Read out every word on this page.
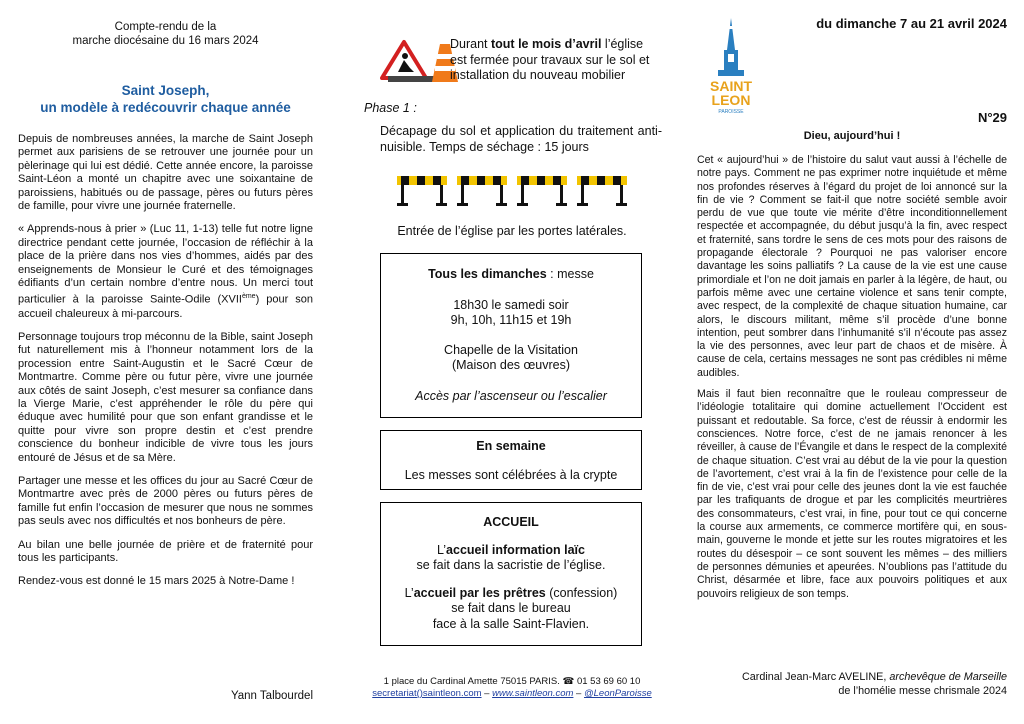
Compte-rendu de la
marche diocésaine du 16 mars 2024
Saint Joseph,
un modèle à redécouvrir chaque année

Depuis de nombreuses années, la marche de Saint Joseph permet aux parisiens de se retrouver une journée pour un pèlerinage qui lui est dédié. Cette année encore, la paroisse Saint-Léon a monté un chapitre avec une soixantaine de paroissiens, habitués ou de passage, pères ou futurs pères de famille, pour vivre une journée fraternelle.

« Apprends-nous à prier » (Luc 11, 1-13) telle fut notre ligne directrice pendant cette journée, l’occasion de réfléchir à la place de la prière dans nos vies d’hommes, aidés par des enseignements de Monsieur le Curé et des témoignages édifiants d’un certain nombre d’entre nous. Un merci tout particulier à la paroisse Sainte-Odile (XVIIème) pour son accueil chaleureux à mi-parcours.

Personnage toujours trop méconnu de la Bible, saint Joseph fut naturellement mis à l’honneur notamment lors de la procession entre Saint-Augustin et le Sacré Cœur de Montmartre. Comme père ou futur père, vivre une journée aux côtés de saint Joseph, c’est mesurer sa confiance dans la Vierge Marie, c’est appréhender le rôle du père qui éduque avec humilité pour que son enfant grandisse et le quitte pour vivre son propre destin et c’est prendre conscience du bonheur indicible de vivre tous les jours entouré de Jésus et de sa Mère.

Partager une messe et les offices du jour au Sacré Cœur de Montmartre avec près de 2000 pères ou futurs pères de famille fut enfin l’occasion de mesurer que nous ne sommes pas seuls avec nos difficultés et nos bonheurs de père.

Au bilan une belle journée de prière et de fraternité pour tous les participants.

Rendez-vous est donné le 15 mars 2025 à Notre-Dame !

Yann Talbourdel
Durant tout le mois d’avril l’église est fermée pour travaux sur le sol et installation du nouveau mobilier
Phase 1 :
Décapage du sol et application du traitement anti-nuisible. Temps de séchage : 15 jours
Entrée de l’église par les portes latérales.

Tous les dimanches : messe

18h30 le samedi soir

9h, 10h, 11h15 et 19h

Chapelle de la Visitation

(Maison des œuvres)

Accès par l’ascenseur ou l’escalier

En semaine

Les messes sont célébrées à la crypte

ACCUEIL

L’accueil information laïc

se fait dans la sacristie de l’église.

L’accueil par les prêtres (confession)

se fait dans le bureau

face à la salle Saint-Flavien.

1 place du Cardinal Amette 75015 PARIS. ☎ 01 53 69 60 10
secretariat()saintleon.com – www.saintleon.com – @LeonParoisse
du dimanche 7 au 21 avril 2024
SAINT
LEON
PAROISSE	N°29
Dieu, aujourd’hui !

Cet « aujourd’hui » de l’histoire du salut vaut aussi à l’échelle de notre pays. Comment ne pas exprimer notre inquiétude et même nos profondes réserves à l’égard du projet de loi annoncé sur la fin de vie ? Comment se fait-il que notre société semble avoir perdu de vue que toute vie mérite d’être inconditionnellement respectée et accompagnée, du début jusqu’à la fin, avec respect et fraternité, sans tordre le sens de ces mots pour des raisons de propagande électorale ? Pourquoi ne pas valoriser encore davantage les soins palliatifs ? La cause de la vie est une cause primordiale et l’on ne doit jamais en parler à la légère, de haut, ou parfois même avec une certaine violence et sans tenir compte, avec respect, de la complexité de chaque situation humaine, car alors, le discours militant, même s’il procède d’une bonne intention, peut sombrer dans l’inhumanité s’il n’écoute pas assez la vie des personnes, avec leur part de chaos et de misère. À cause de cela, certains messages ne sont pas crédibles ni même audibles.

Mais il faut bien reconnaître que le rouleau compresseur de l’idéologie totalitaire qui domine actuellement l’Occident est puissant et redoutable. Sa force, c’est de réussir à endormir les consciences. Notre force, c’est de ne jamais renoncer à les réveiller, à cause de l’Évangile et dans le respect de la complexité de chaque situation. C’est vrai au début de la vie pour la question de l’avortement, c’est vrai à la fin de l’existence pour celle de la fin de vie, c’est vrai pour celle des jeunes dont la vie est fauchée par les trafiquants de drogue et par les complicités meurtrières des consommateurs, c’est vrai, in fine, pour tout ce qui concerne la course aux armements, ce commerce mortifère qui, en sous-main, gouverne le monde et jette sur les routes migratoires et les routes du désespoir – ce sont souvent les mêmes – des milliers de personnes démunies et apeurées. N’oublions pas l’attitude du Christ, désarmée et libre, face aux pouvoirs politiques et aux pouvoirs religieux de son temps.

Cardinal Jean-Marc AVELINE, archevêque de Marseille
de l’homélie messe chrismale 2024
